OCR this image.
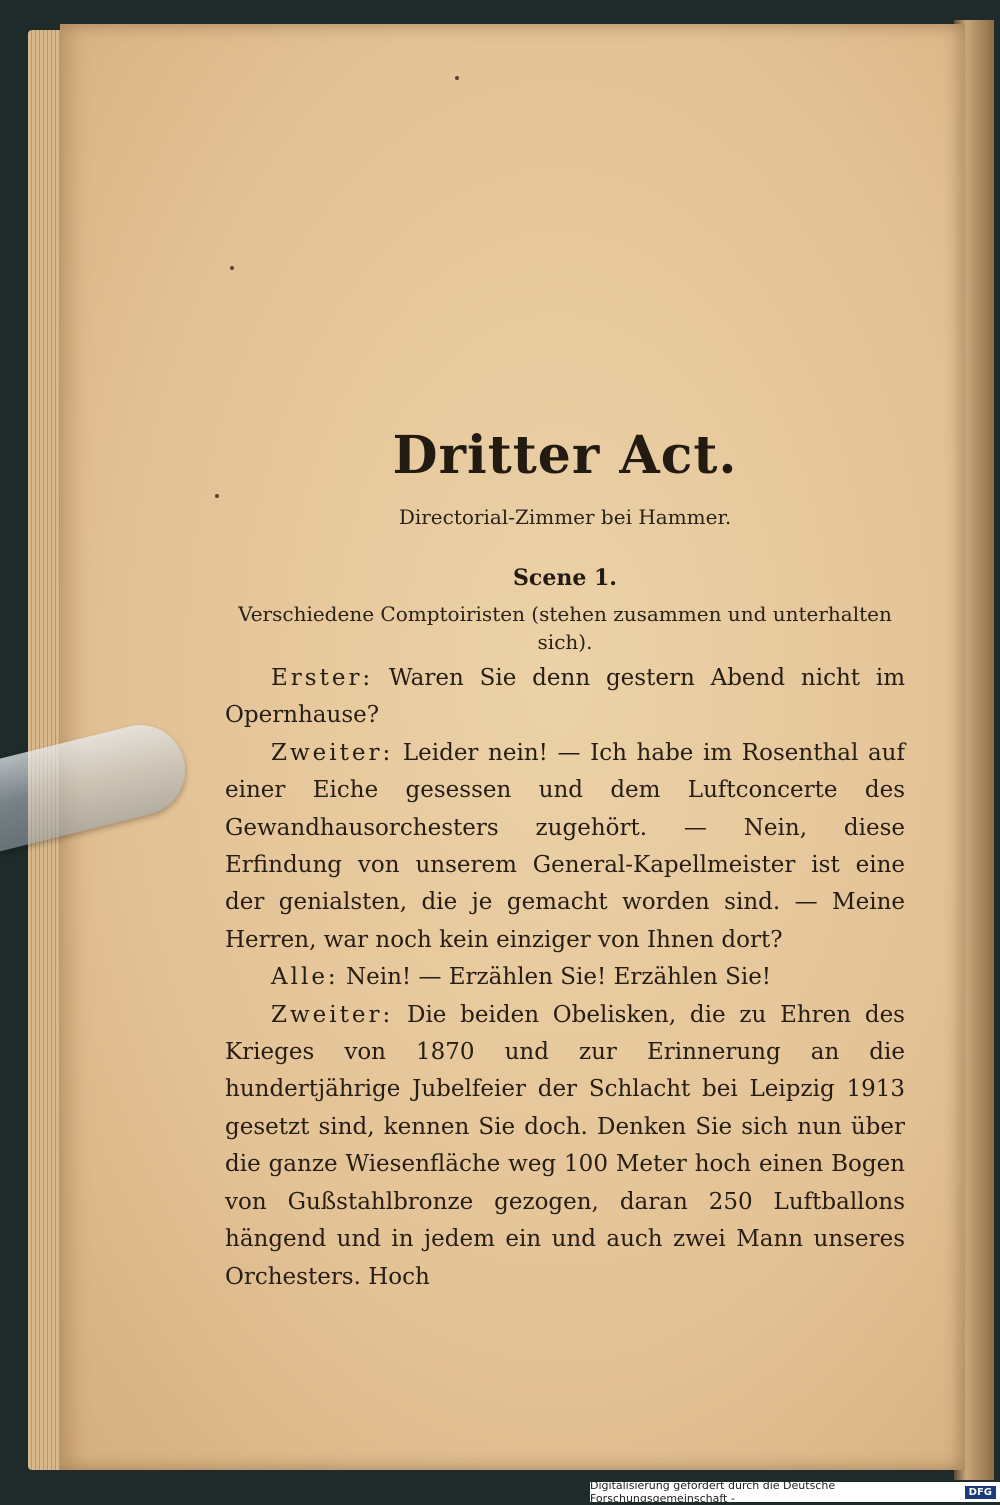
Dritter Act.
Directorial-Zimmer bei Hammer.
Scene 1.
Verschiedene Comptoiristen (stehen zusammen und unterhalten sich).

Erster: Waren Sie denn gestern Abend nicht im Opernhause?

Zweiter: Leider nein! — Ich habe im Rosenthal auf einer Eiche gesessen und dem Luftconcerte des Gewandhausorchesters zugehört. — Nein, diese Erfindung von unserem General-Kapellmeister ist eine der genialsten, die je gemacht worden sind. — Meine Herren, war noch kein einziger von Ihnen dort?

Alle: Nein! — Erzählen Sie! Erzählen Sie!

Zweiter: Die beiden Obelisken, die zu Ehren des Krieges von 1870 und zur Erinnerung an die hundertjährige Jubelfeier der Schlacht bei Leipzig 1913 gesetzt sind, kennen Sie doch. Denken Sie sich nun über die ganze Wiesenfläche weg 100 Meter hoch einen Bogen von Gußstahlbronze gezogen, daran 250 Luftballons hängend und in jedem ein und auch zwei Mann unseres Orchesters. Hoch

Digitalisierung gefördert durch die Deutsche Forschungsgemeinschaft -	DFG
